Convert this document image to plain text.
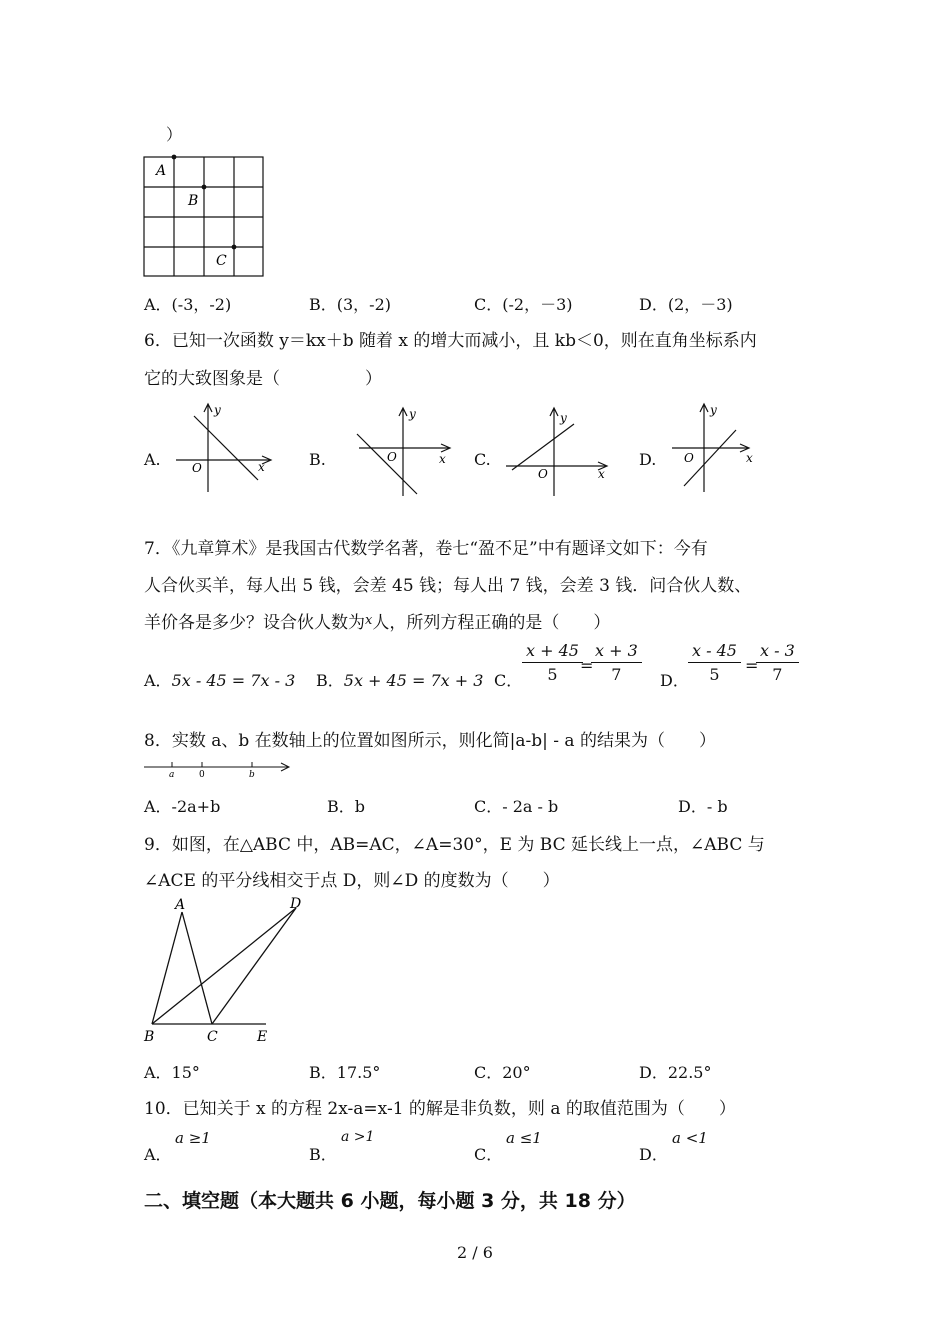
）
A
B
C
A．(-3，-2)	B．(3，-2)	C．(-2，－3)	D．(2，－3)
6．已知一次函数 y＝kx＋b 随着 x 的增大而减小，且 kb＜0，则在直角坐标系内
它的大致图象是（　　　　　）
A.	B.	C.	D.
y
x
O
y
x
O
y
x
O
y
x
O
7．《九章算术》是我国古代数学名著，卷七“盈不足”中有题译文如下：今有
人合伙买羊，每人出 5 钱，会差 45 钱；每人出 7 钱，会差 3 钱．问合伙人数、
羊价各是多少？设合伙人数为$^x$人，所列方程正确的是（　　）
A．5x - 45 = 7x - 3 B．5x + 45 = 7x + 3 C． $\frac{x + 45}{5}$
=
$\frac{x + 3}{7}$ D． $\frac{x - 45}{5}$ =
$\frac{x - 3}{7}$
8．实数 a、b 在数轴上的位置如图所示，则化简|a-b| - a 的结果为（　　）
a	0	b
A．-2a+b	B．b	C．- 2a - b	D．- b
9．如图，在△ABC 中，AB=AC，∠A=30°，E 为 BC 延长线上一点，∠ABC 与
∠ACE 的平分线相交于点 D，则∠D 的度数为（　　）
A	D
B	C	E
A．15°	B．17.5°	C．20°	D．22.5°
10．已知关于 x 的方程 2x-a=x-1 的解是非负数，则 a 的取值范围为（　　）
A．
a ≥1
B．
a >1
C．
a ≤1
D．
a <1
二、填空题（本大题共 6 小题，每小题 3 分，共 18 分）
2 / 6
